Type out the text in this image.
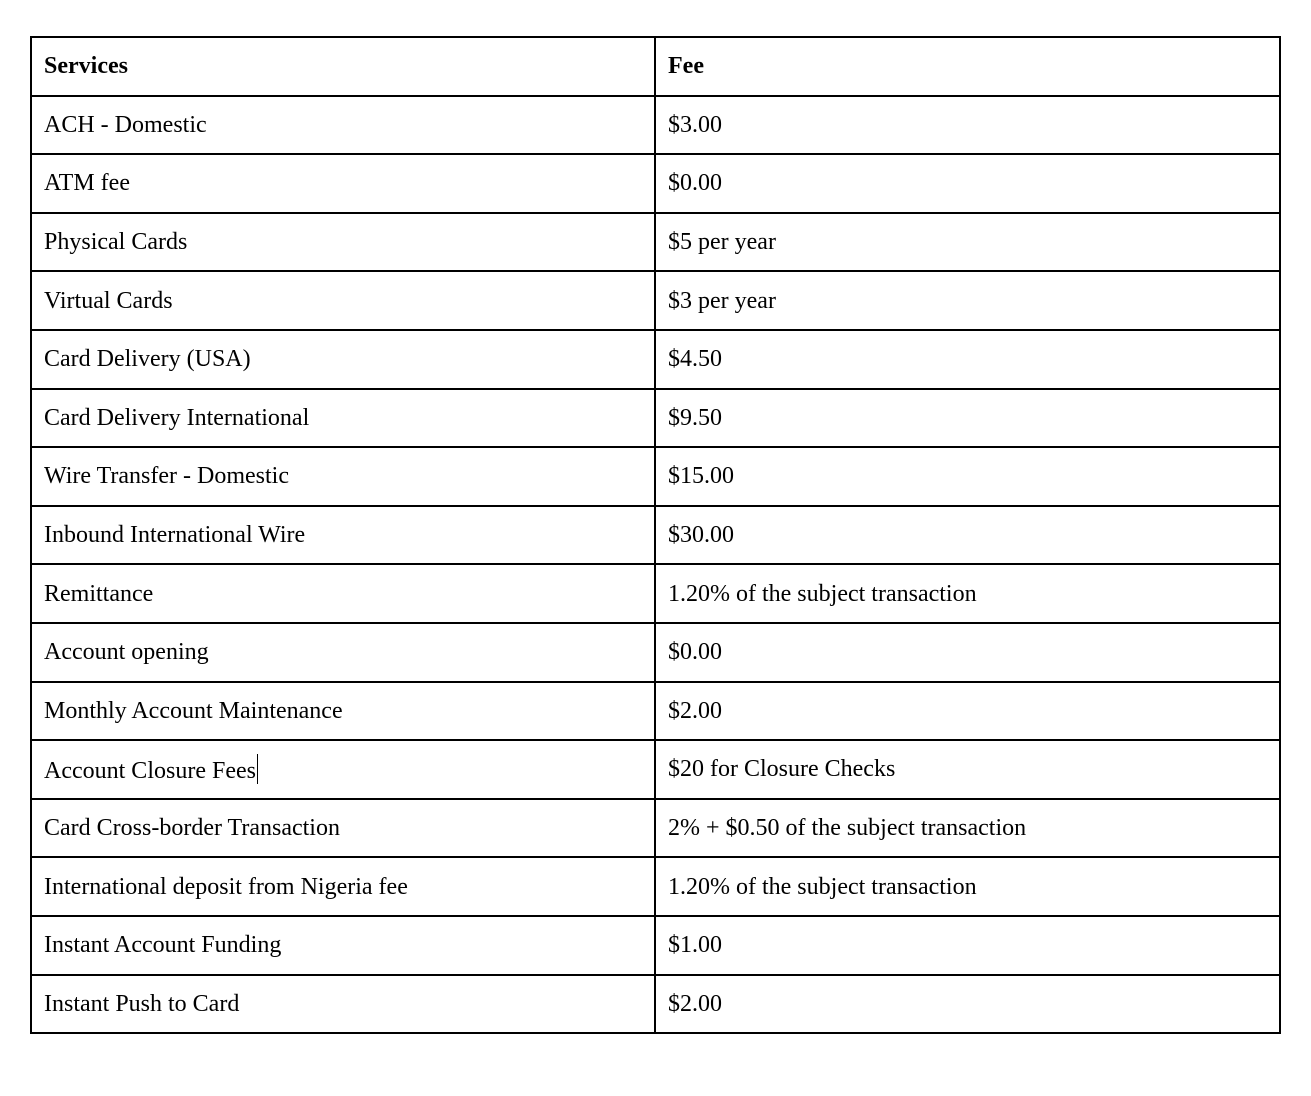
Services	Fee
ACH - Domestic	$3.00
ATM fee	$0.00
Physical Cards	$5 per year
Virtual Cards	$3 per year
Card Delivery (USA)	$4.50
Card Delivery International	$9.50
Wire Transfer - Domestic	$15.00
Inbound International Wire	$30.00
Remittance	1.20% of the subject transaction
Account opening	$0.00
Monthly Account Maintenance	$2.00
Account Closure Fees	$20 for Closure Checks
Card Cross-border Transaction	2% + $0.50 of the subject transaction
International deposit from Nigeria fee	1.20% of the subject transaction
Instant Account Funding	$1.00
Instant Push to Card	$2.00
